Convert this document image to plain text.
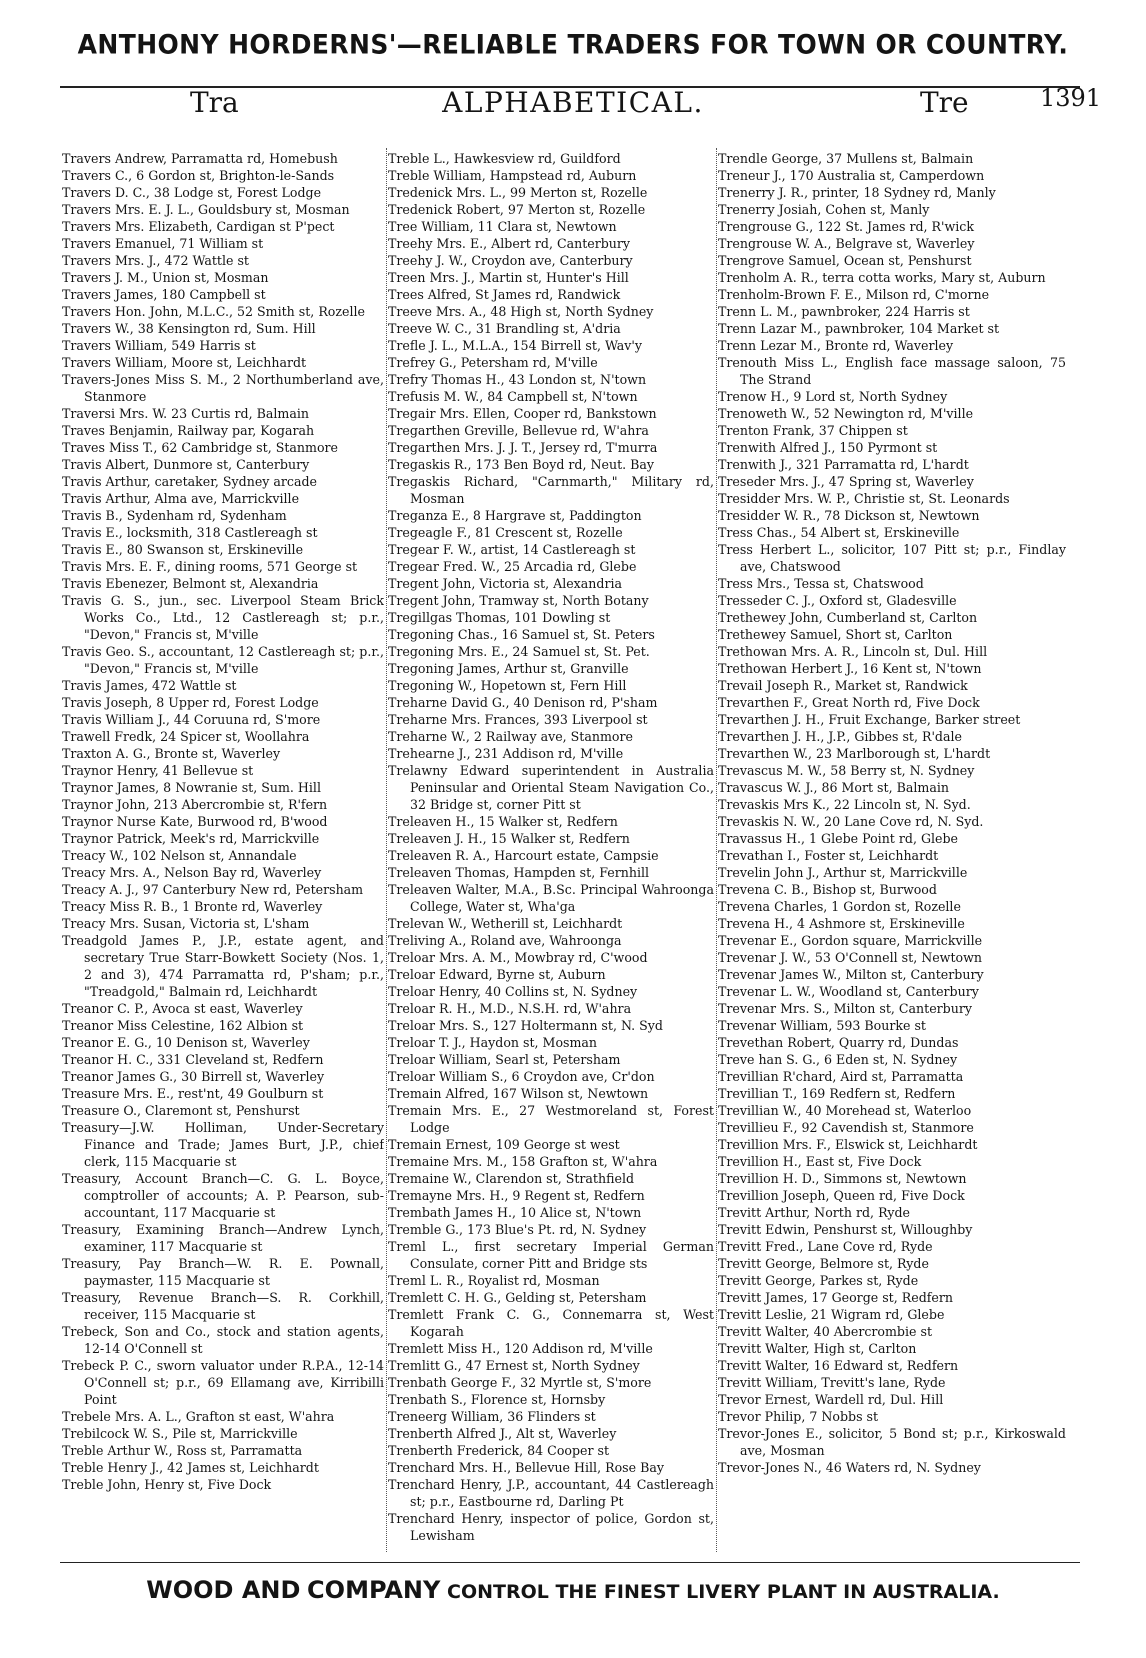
ANTHONY HORDERNS'—RELIABLE TRADERS FOR TOWN OR COUNTRY.
Tra	ALPHABETICAL.	Tre	1391

Travers Andrew, Parramatta rd, Homebush

Travers C., 6 Gordon st, Brighton-le-Sands

Travers D. C., 38 Lodge st, Forest Lodge

Travers Mrs. E. J. L., Gouldsbury st, Mosman

Travers Mrs. Elizabeth, Cardigan st P'pect

Travers Emanuel, 71 William st

Travers Mrs. J., 472 Wattle st

Travers J. M., Union st, Mosman

Travers James, 180 Campbell st

Travers Hon. John, M.L.C., 52 Smith st, Rozelle

Travers W., 38 Kensington rd, Sum. Hill

Travers William, 549 Harris st

Travers William, Moore st, Leichhardt

Travers-Jones Miss S. M., 2 Northumberland ave, Stanmore

Traversi Mrs. W. 23 Curtis rd, Balmain

Traves Benjamin, Railway par, Kogarah

Traves Miss T., 62 Cambridge st, Stanmore

Travis Albert, Dunmore st, Canterbury

Travis Arthur, caretaker, Sydney arcade

Travis Arthur, Alma ave, Marrickville

Travis B., Sydenham rd, Sydenham

Travis E., locksmith, 318 Castlereagh st

Travis E., 80 Swanson st, Erskineville

Travis Mrs. E. F., dining rooms, 571 George st

Travis Ebenezer, Belmont st, Alexandria

Travis G. S., jun., sec. Liverpool Steam Brick Works Co., Ltd., 12 Castlereagh st; p.r., "Devon," Francis st, M'ville

Travis Geo. S., accountant, 12 Castlereagh st; p.r., "Devon," Francis st, M'ville

Travis James, 472 Wattle st

Travis Joseph, 8 Upper rd, Forest Lodge

Travis William J., 44 Coruuna rd, S'more

Trawell Fredk, 24 Spicer st, Woollahra

Traxton A. G., Bronte st, Waverley

Traynor Henry, 41 Bellevue st

Traynor James, 8 Nowranie st, Sum. Hill

Traynor John, 213 Abercrombie st, R'fern

Traynor Nurse Kate, Burwood rd, B'wood

Traynor Patrick, Meek's rd, Marrickville

Treacy W., 102 Nelson st, Annandale

Treacy Mrs. A., Nelson Bay rd, Waverley

Treacy A. J., 97 Canterbury New rd, Petersham

Treacy Miss R. B., 1 Bronte rd, Waverley

Treacy Mrs. Susan, Victoria st, L'sham

Treadgold James P., J.P., estate agent, and secretary True Starr-Bowkett Society (Nos. 1, 2 and 3), 474 Parramatta rd, P'sham; p.r., "Treadgold," Balmain rd, Leichhardt

Treanor C. P., Avoca st east, Waverley

Treanor Miss Celestine, 162 Albion st

Treanor E. G., 10 Denison st, Waverley

Treanor H. C., 331 Cleveland st, Redfern

Treanor James G., 30 Birrell st, Waverley

Treasure Mrs. E., rest'nt, 49 Goulburn st

Treasure O., Claremont st, Penshurst

Treasury—J.W. Holliman, Under-Secretary Finance and Trade; James Burt, J.P., chief clerk, 115 Macquarie st

Treasury, Account Branch—C. G. L. Boyce, comptroller of accounts; A. P. Pearson, sub-accountant, 117 Macquarie st

Treasury, Examining Branch—Andrew Lynch, examiner, 117 Macquarie st

Treasury, Pay Branch—W. R. E. Pownall, paymaster, 115 Macquarie st

Treasury, Revenue Branch—S. R. Corkhill, receiver, 115 Macquarie st

Trebeck, Son and Co., stock and station agents, 12-14 O'Connell st

Trebeck P. C., sworn valuator under R.P.A., 12-14 O'Connell st; p.r., 69 Ellamang ave, Kirribilli Point

Trebele Mrs. A. L., Grafton st east, W'ahra

Trebilcock W. S., Pile st, Marrickville

Treble Arthur W., Ross st, Parramatta

Treble Henry J., 42 James st, Leichhardt

Treble John, Henry st, Five Dock

Treble L., Hawkesview rd, Guildford

Treble William, Hampstead rd, Auburn

Tredenick Mrs. L., 99 Merton st, Rozelle

Tredenick Robert, 97 Merton st, Rozelle

Tree William, 11 Clara st, Newtown

Treehy Mrs. E., Albert rd, Canterbury

Treehy J. W., Croydon ave, Canterbury

Treen Mrs. J., Martin st, Hunter's Hill

Trees Alfred, St James rd, Randwick

Treeve Mrs. A., 48 High st, North Sydney

Treeve W. C., 31 Brandling st, A'dria

Trefle J. L., M.L.A., 154 Birrell st, Wav'y

Trefrey G., Petersham rd, M'ville

Trefry Thomas H., 43 London st, N'town

Trefusis M. W., 84 Campbell st, N'town

Tregair Mrs. Ellen, Cooper rd, Bankstown

Tregarthen Greville, Bellevue rd, W'ahra

Tregarthen Mrs. J. J. T., Jersey rd, T'murra

Tregaskis R., 173 Ben Boyd rd, Neut. Bay

Tregaskis Richard, "Carnmarth," Military rd, Mosman

Treganza E., 8 Hargrave st, Paddington

Tregeagle F., 81 Crescent st, Rozelle

Tregear F. W., artist, 14 Castlereagh st

Tregear Fred. W., 25 Arcadia rd, Glebe

Tregent John, Victoria st, Alexandria

Tregent John, Tramway st, North Botany

Tregillgas Thomas, 101 Dowling st

Tregoning Chas., 16 Samuel st, St. Peters

Tregoning Mrs. E., 24 Samuel st, St. Pet.

Tregoning James, Arthur st, Granville

Tregoning W., Hopetown st, Fern Hill

Treharne David G., 40 Denison rd, P'sham

Treharne Mrs. Frances, 393 Liverpool st

Treharne W., 2 Railway ave, Stanmore

Trehearne J., 231 Addison rd, M'ville

Trelawny Edward superintendent in Australia Peninsular and Oriental Steam Navigation Co., 32 Bridge st, corner Pitt st

Treleaven H., 15 Walker st, Redfern

Treleaven J. H., 15 Walker st, Redfern

Treleaven R. A., Harcourt estate, Campsie

Treleaven Thomas, Hampden st, Fernhill

Treleaven Walter, M.A., B.Sc. Principal Wahroonga College, Water st, Wha'ga

Trelevan W., Wetherill st, Leichhardt

Treliving A., Roland ave, Wahroonga

Treloar Mrs. A. M., Mowbray rd, C'wood

Treloar Edward, Byrne st, Auburn

Treloar Henry, 40 Collins st, N. Sydney

Treloar R. H., M.D., N.S.H. rd, W'ahra

Treloar Mrs. S., 127 Holtermann st, N. Syd

Treloar T. J., Haydon st, Mosman

Treloar William, Searl st, Petersham

Treloar William S., 6 Croydon ave, Cr'don

Tremain Alfred, 167 Wilson st, Newtown

Tremain Mrs. E., 27 Westmoreland st, Forest Lodge

Tremain Ernest, 109 George st west

Tremaine Mrs. M., 158 Grafton st, W'ahra

Tremaine W., Clarendon st, Strathfield

Tremayne Mrs. H., 9 Regent st, Redfern

Trembath James H., 10 Alice st, N'town

Tremble G., 173 Blue's Pt. rd, N. Sydney

Treml L., first secretary Imperial German Consulate, corner Pitt and Bridge sts

Treml L. R., Royalist rd, Mosman

Tremlett C. H. G., Gelding st, Petersham

Tremlett Frank C. G., Connemarra st, West Kogarah

Tremlett Miss H., 120 Addison rd, M'ville

Tremlitt G., 47 Ernest st, North Sydney

Trenbath George F., 32 Myrtle st, S'more

Trenbath S., Florence st, Hornsby

Treneerg William, 36 Flinders st

Trenberth Alfred J., Alt st, Waverley

Trenberth Frederick, 84 Cooper st

Trenchard Mrs. H., Bellevue Hill, Rose Bay

Trenchard Henry, J.P., accountant, 44 Castlereagh st; p.r., Eastbourne rd, Darling Pt

Trenchard Henry, inspector of police, Gordon st, Lewisham

Trendle George, 37 Mullens st, Balmain

Treneur J., 170 Australia st, Camperdown

Trenerry J. R., printer, 18 Sydney rd, Manly

Trenerry Josiah, Cohen st, Manly

Trengrouse G., 122 St. James rd, R'wick

Trengrouse W. A., Belgrave st, Waverley

Trengrove Samuel, Ocean st, Penshurst

Trenholm A. R., terra cotta works, Mary st, Auburn

Trenholm-Brown F. E., Milson rd, C'morne

Trenn L. M., pawnbroker, 224 Harris st

Trenn Lazar M., pawnbroker, 104 Market st

Trenn Lezar M., Bronte rd, Waverley

Trenouth Miss L., English face massage saloon, 75 The Strand

Trenow H., 9 Lord st, North Sydney

Trenoweth W., 52 Newington rd, M'ville

Trenton Frank, 37 Chippen st

Trenwith Alfred J., 150 Pyrmont st

Trenwith J., 321 Parramatta rd, L'hardt

Treseder Mrs. J., 47 Spring st, Waverley

Tresidder Mrs. W. P., Christie st, St. Leonards

Tresidder W. R., 78 Dickson st, Newtown

Tress Chas., 54 Albert st, Erskineville

Tress Herbert L., solicitor, 107 Pitt st; p.r., Findlay ave, Chatswood

Tress Mrs., Tessa st, Chatswood

Tresseder C. J., Oxford st, Gladesville

Trethewey John, Cumberland st, Carlton

Trethewey Samuel, Short st, Carlton

Trethowan Mrs. A. R., Lincoln st, Dul. Hill

Trethowan Herbert J., 16 Kent st, N'town

Trevail Joseph R., Market st, Randwick

Trevarthen F., Great North rd, Five Dock

Trevarthen J. H., Fruit Exchange, Barker street

Trevarthen J. H., J.P., Gibbes st, R'dale

Trevarthen W., 23 Marlborough st, L'hardt

Trevascus M. W., 58 Berry st, N. Sydney

Travascus W. J., 86 Mort st, Balmain

Trevaskis Mrs K., 22 Lincoln st, N. Syd.

Trevaskis N. W., 20 Lane Cove rd, N. Syd.

Travassus H., 1 Glebe Point rd, Glebe

Trevathan I., Foster st, Leichhardt

Trevelin John J., Arthur st, Marrickville

Trevena C. B., Bishop st, Burwood

Trevena Charles, 1 Gordon st, Rozelle

Trevena H., 4 Ashmore st, Erskineville

Trevenar E., Gordon square, Marrickville

Trevenar J. W., 53 O'Connell st, Newtown

Trevenar James W., Milton st, Canterbury

Trevenar L. W., Woodland st, Canterbury

Trevenar Mrs. S., Milton st, Canterbury

Trevenar William, 593 Bourke st

Trevethan Robert, Quarry rd, Dundas

Treve han S. G., 6 Eden st, N. Sydney

Trevillian R'chard, Aird st, Parramatta

Trevillian T., 169 Redfern st, Redfern

Trevillian W., 40 Morehead st, Waterloo

Trevillieu F., 92 Cavendish st, Stanmore

Trevillion Mrs. F., Elswick st, Leichhardt

Trevillion H., East st, Five Dock

Trevillion H. D., Simmons st, Newtown

Trevillion Joseph, Queen rd, Five Dock

Trevitt Arthur, North rd, Ryde

Trevitt Edwin, Penshurst st, Willoughby

Trevitt Fred., Lane Cove rd, Ryde

Trevitt George, Belmore st, Ryde

Trevitt George, Parkes st, Ryde

Trevitt James, 17 George st, Redfern

Trevitt Leslie, 21 Wigram rd, Glebe

Trevitt Walter, 40 Abercrombie st

Trevitt Walter, High st, Carlton

Trevitt Walter, 16 Edward st, Redfern

Trevitt William, Trevitt's lane, Ryde

Trevor Ernest, Wardell rd, Dul. Hill

Trevor Philip, 7 Nobbs st

Trevor-Jones E., solicitor, 5 Bond st; p.r., Kirkoswald ave, Mosman

Trevor-Jones N., 46 Waters rd, N. Sydney

WOOD AND COMPANY CONTROL THE FINEST LIVERY PLANT IN AUSTRALIA.
